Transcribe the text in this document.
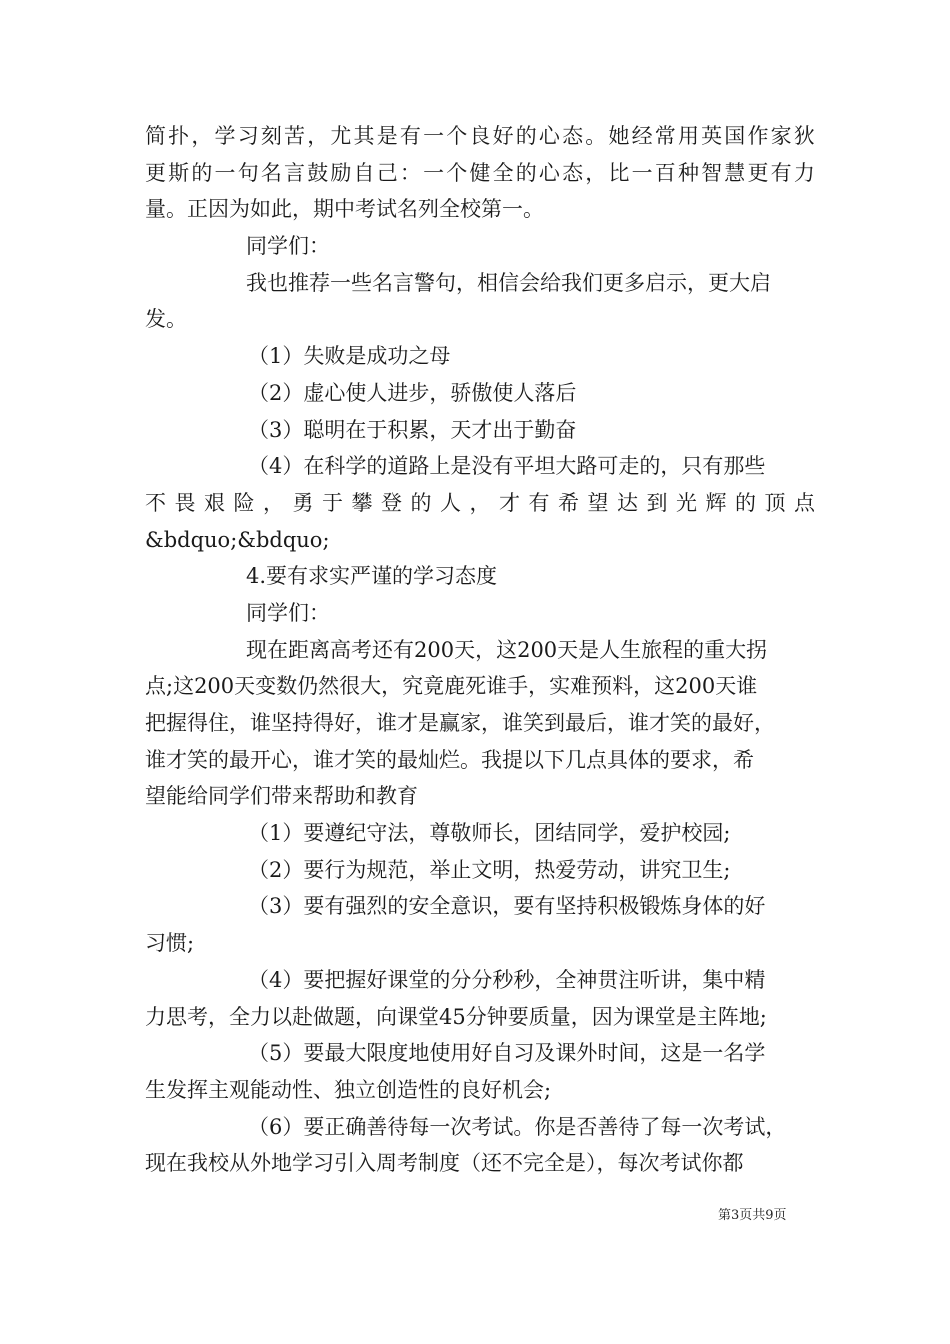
简 扑 ， 学 习 刻 苦 ， 尤 其 是 有 一 个 良 好 的 心 态 。 她 经 常 用 英 国 作 家 狄
更 斯 的 一 句 名 言 鼓 励 自 己 ： 一 个 健 全 的 心 态 ， 比 一 百 种 智 慧 更 有 力
量。正因为如此，期中考试名列全校第一。
同学们：
我也推荐一些名言警句，相信会给我们更多启示，更大启
发。
（1）失败是成功之母
（2）虚心使人进步，骄傲使人落后
（3）聪明在于积累，天才出于勤奋
（4）在科学的道路上是没有平坦大路可走的，只有那些
不 畏 艰 险 ， 勇 于 攀 登 的 人 ， 才 有 希 望 达 到 光 辉 的 顶 点
&bdquo;&bdquo;
4.要有求实严谨的学习态度
同学们：
现在距离高考还有200天，这200天是人生旅程的重大拐
点;这200天变数仍然很大，究竟鹿死谁手，实难预料，这200天谁
把握得住，谁坚持得好，谁才是赢家，谁笑到最后，谁才笑的最好，
谁才笑的最开心，谁才笑的最灿烂。我提以下几点具体的要求，希
望能给同学们带来帮助和教育
（1）要遵纪守法，尊敬师长，团结同学，爱护校园;
（2）要行为规范，举止文明，热爱劳动，讲究卫生;
（3）要有强烈的安全意识，要有坚持积极锻炼身体的好
习惯;
（4）要把握好课堂的分分秒秒，全神贯注听讲，集中精
力思考，全力以赴做题，向课堂45分钟要质量，因为课堂是主阵地;
（5）要最大限度地使用好自习及课外时间，这是一名学
生发挥主观能动性、独立创造性的良好机会;
（6）要正确善待每一次考试。你是否善待了每一次考试，
现在我校从外地学习引入周考制度（还不完全是），每次考试你都
第3页共9页
